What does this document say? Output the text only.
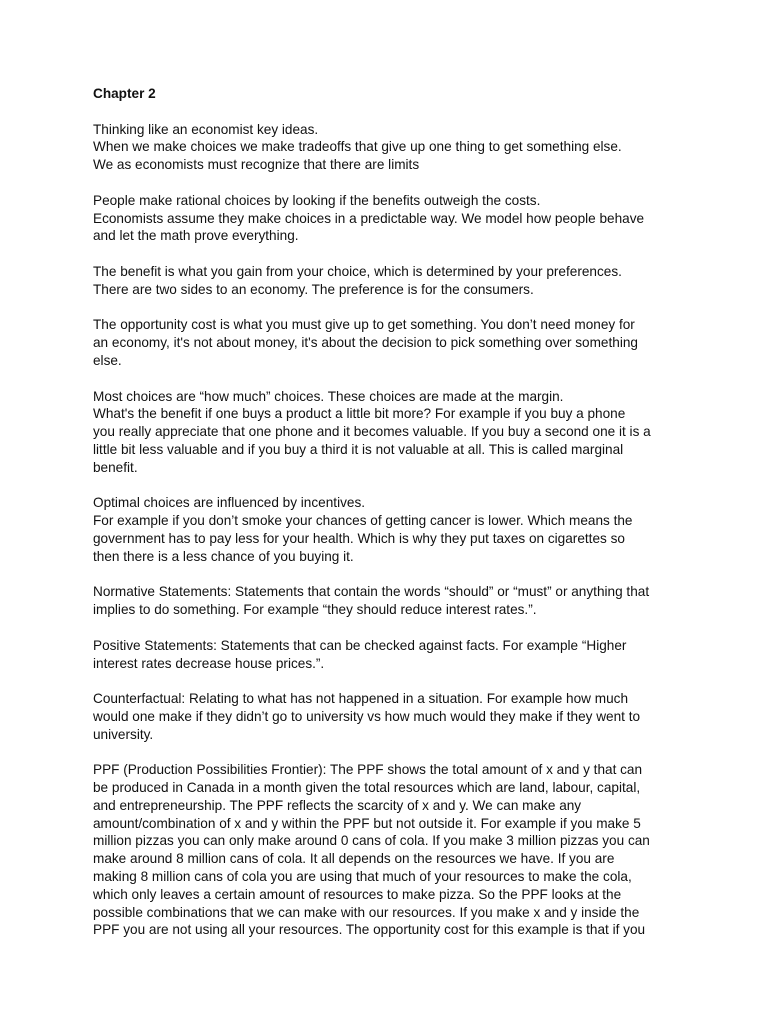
Chapter 2
Thinking like an economist key ideas.
When we make choices we make tradeoffs that give up one thing to get something else.
We as economists must recognize that there are limits
People make rational choices by looking if the benefits outweigh the costs.
Economists assume they make choices in a predictable way. We model how people behave
and let the math prove everything.
The benefit is what you gain from your choice, which is determined by your preferences.
There are two sides to an economy. The preference is for the consumers.
The opportunity cost is what you must give up to get something. You don’t need money for
an economy, it's not about money, it's about the decision to pick something over something
else.
Most choices are “how much” choices. These choices are made at the margin.
What's the benefit if one buys a product a little bit more? For example if you buy a phone
you really appreciate that one phone and it becomes valuable. If you buy a second one it is a
little bit less valuable and if you buy a third it is not valuable at all. This is called marginal
benefit.
Optimal choices are influenced by incentives.
For example if you don’t smoke your chances of getting cancer is lower. Which means the
government has to pay less for your health. Which is why they put taxes on cigarettes so
then there is a less chance of you buying it.
Normative Statements: Statements that contain the words “should” or “must” or anything that
implies to do something. For example “they should reduce interest rates.”.
Positive Statements: Statements that can be checked against facts. For example “Higher
interest rates decrease house prices.”.
Counterfactual: Relating to what has not happened in a situation. For example how much
would one make if they didn’t go to university vs how much would they make if they went to
university.
PPF (Production Possibilities Frontier): The PPF shows the total amount of x and y that can
be produced in Canada in a month given the total resources which are land, labour, capital,
and entrepreneurship. The PPF reflects the scarcity of x and y. We can make any
amount/combination of x and y within the PPF but not outside it. For example if you make 5
million pizzas you can only make around 0 cans of cola. If you make 3 million pizzas you can
make around 8 million cans of cola. It all depends on the resources we have. If you are
making 8 million cans of cola you are using that much of your resources to make the cola,
which only leaves a certain amount of resources to make pizza. So the PPF looks at the
possible combinations that we can make with our resources. If you make x and y inside the
PPF you are not using all your resources. The opportunity cost for this example is that if you
